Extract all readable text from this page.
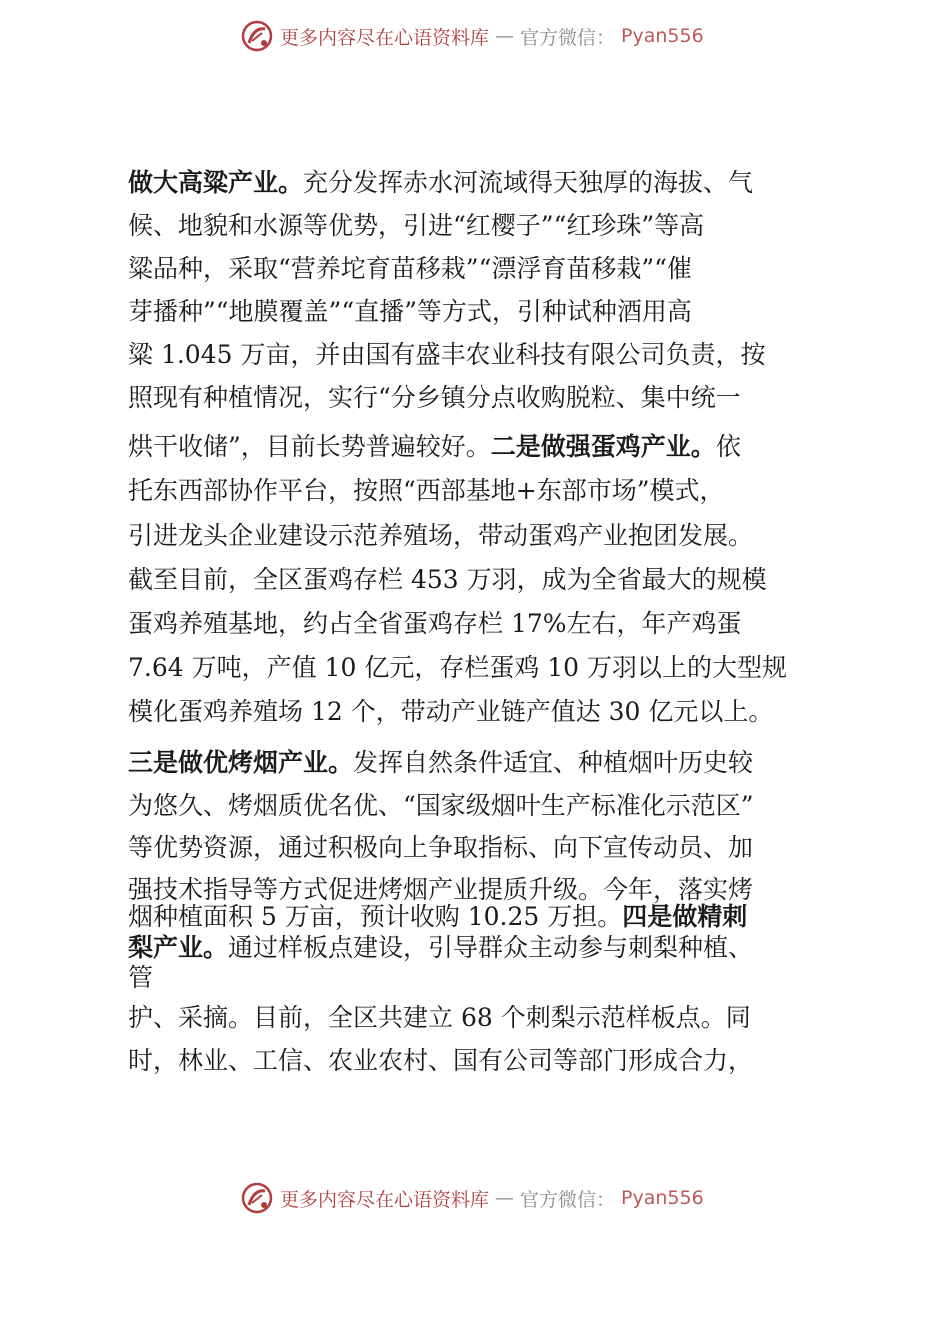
更多内容尽在心语资料库 — 官方微信： Pyan556
做大高粱产业。充分发挥赤水河流域得天独厚的海拔、气
候、地貌和水源等优势，引进“红樱子”“红珍珠”等高
粱品种，采取“营养坨育苗移栽”“漂浮育苗移栽”“催
芽播种”“地膜覆盖”“直播”等方式，引种试种酒用高
粱 1.045 万亩，并由国有盛丰农业科技有限公司负责，按
照现有种植情况，实行“分乡镇分点收购脱粒、集中统一
烘干收储”，目前长势普遍较好。二是做强蛋鸡产业。依
托东西部协作平台，按照“西部基地+东部市场”模式，
引进龙头企业建设示范养殖场，带动蛋鸡产业抱团发展。
截至目前，全区蛋鸡存栏 453 万羽，成为全省最大的规模
蛋鸡养殖基地，约占全省蛋鸡存栏 17%左右，年产鸡蛋
7.64 万吨，产值 10 亿元，存栏蛋鸡 10 万羽以上的大型规
模化蛋鸡养殖场 12 个，带动产业链产值达 30 亿元以上。
三是做优烤烟产业。发挥自然条件适宜、种植烟叶历史较
为悠久、烤烟质优名优、“国家级烟叶生产标准化示范区”
等优势资源，通过积极向上争取指标、向下宣传动员、加
强技术指导等方式促进烤烟产业提质升级。今年，落实烤
烟种植面积 5 万亩，预计收购 10.25 万担。四是做精刺
梨产业。通过样板点建设，引导群众主动参与刺梨种植、
管
护、采摘。目前，全区共建立 68 个刺梨示范样板点。同
时，林业、工信、农业农村、国有公司等部门形成合力，
更多内容尽在心语资料库 — 官方微信： Pyan556
